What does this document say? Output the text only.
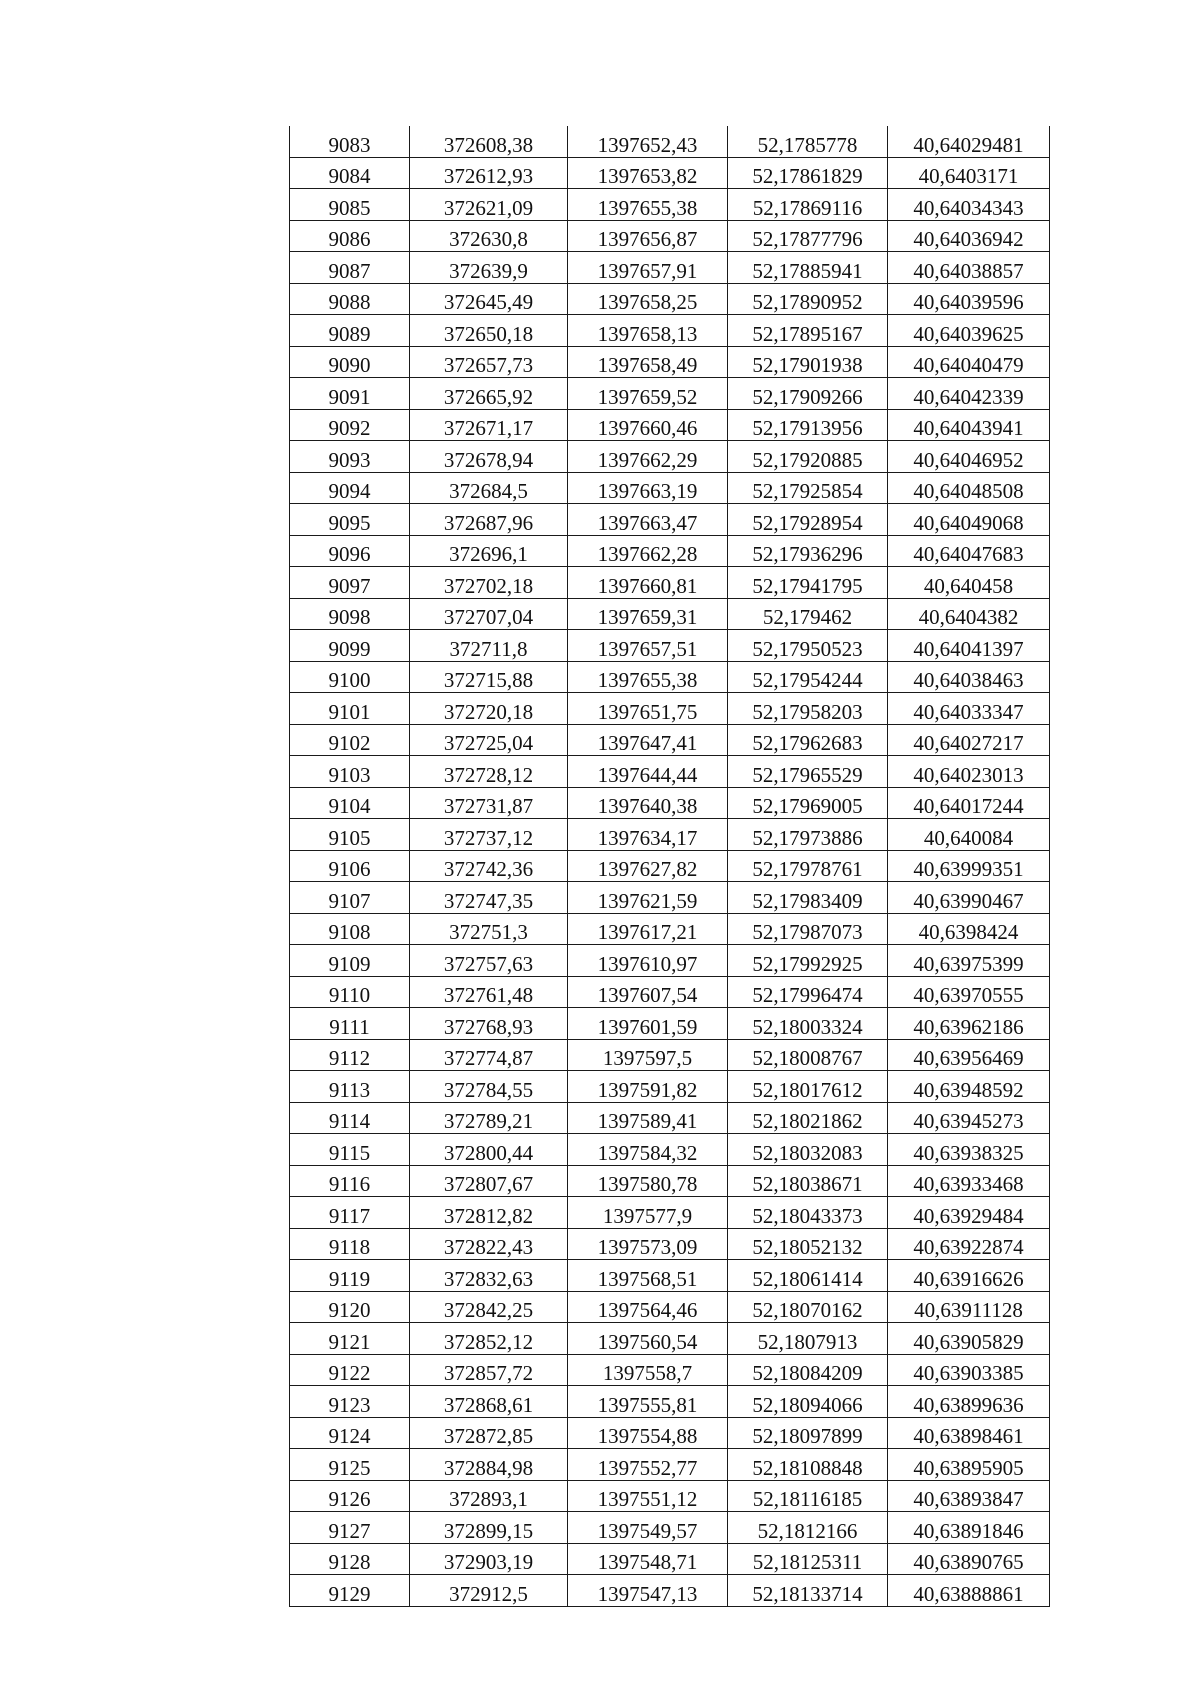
9083	372608,38	1397652,43	52,1785778	40,64029481
9084	372612,93	1397653,82	52,17861829	40,6403171
9085	372621,09	1397655,38	52,17869116	40,64034343
9086	372630,8	1397656,87	52,17877796	40,64036942
9087	372639,9	1397657,91	52,17885941	40,64038857
9088	372645,49	1397658,25	52,17890952	40,64039596
9089	372650,18	1397658,13	52,17895167	40,64039625
9090	372657,73	1397658,49	52,17901938	40,64040479
9091	372665,92	1397659,52	52,17909266	40,64042339
9092	372671,17	1397660,46	52,17913956	40,64043941
9093	372678,94	1397662,29	52,17920885	40,64046952
9094	372684,5	1397663,19	52,17925854	40,64048508
9095	372687,96	1397663,47	52,17928954	40,64049068
9096	372696,1	1397662,28	52,17936296	40,64047683
9097	372702,18	1397660,81	52,17941795	40,640458
9098	372707,04	1397659,31	52,179462	40,6404382
9099	372711,8	1397657,51	52,17950523	40,64041397
9100	372715,88	1397655,38	52,17954244	40,64038463
9101	372720,18	1397651,75	52,17958203	40,64033347
9102	372725,04	1397647,41	52,17962683	40,64027217
9103	372728,12	1397644,44	52,17965529	40,64023013
9104	372731,87	1397640,38	52,17969005	40,64017244
9105	372737,12	1397634,17	52,17973886	40,640084
9106	372742,36	1397627,82	52,17978761	40,63999351
9107	372747,35	1397621,59	52,17983409	40,63990467
9108	372751,3	1397617,21	52,17987073	40,6398424
9109	372757,63	1397610,97	52,17992925	40,63975399
9110	372761,48	1397607,54	52,17996474	40,63970555
9111	372768,93	1397601,59	52,18003324	40,63962186
9112	372774,87	1397597,5	52,18008767	40,63956469
9113	372784,55	1397591,82	52,18017612	40,63948592
9114	372789,21	1397589,41	52,18021862	40,63945273
9115	372800,44	1397584,32	52,18032083	40,63938325
9116	372807,67	1397580,78	52,18038671	40,63933468
9117	372812,82	1397577,9	52,18043373	40,63929484
9118	372822,43	1397573,09	52,18052132	40,63922874
9119	372832,63	1397568,51	52,18061414	40,63916626
9120	372842,25	1397564,46	52,18070162	40,63911128
9121	372852,12	1397560,54	52,1807913	40,63905829
9122	372857,72	1397558,7	52,18084209	40,63903385
9123	372868,61	1397555,81	52,18094066	40,63899636
9124	372872,85	1397554,88	52,18097899	40,63898461
9125	372884,98	1397552,77	52,18108848	40,63895905
9126	372893,1	1397551,12	52,18116185	40,63893847
9127	372899,15	1397549,57	52,1812166	40,63891846
9128	372903,19	1397548,71	52,18125311	40,63890765
9129	372912,5	1397547,13	52,18133714	40,63888861
